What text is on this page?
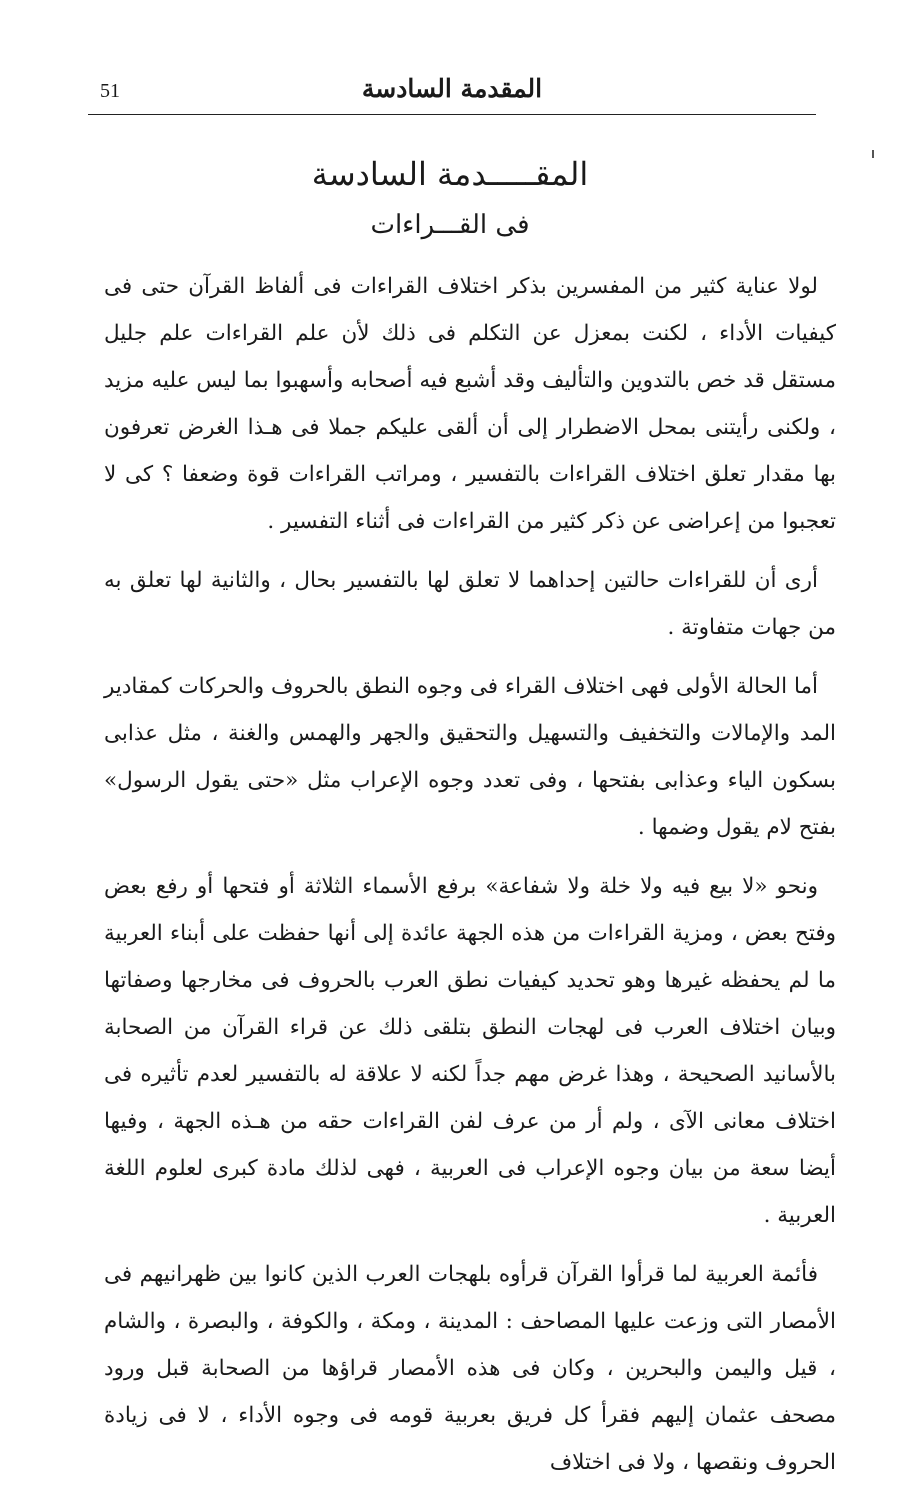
51	المقدمة السادسة
المقـــــدمة السادسة
فى القـــراءات

لولا عناية كثير من المفسرين بذكر اختلاف القراءات فى ألفاظ القرآن حتى فى كيفيات الأداء ، لكنت بمعزل عن التكلم فى ذلك لأن علم القراءات علم جليل مستقل قد خص بالتدوين والتأليف وقد أشبع فيه أصحابه وأسهبوا بما ليس عليه مزيد ، ولكنى رأيتنى بمحل الاضطرار إلى أن ألقى عليكم جملا فى هـذا الغرض تعرفون بها مقدار تعلق اختلاف القراءات بالتفسير ، ومراتب القراءات قوة وضعفا ؟ كى لا تعجبوا من إعراضى عن ذكر كثير من القراءات فى أثناء التفسير .

أرى أن للقراءات حالتين إحداهما لا تعلق لها بالتفسير بحال ، والثانية لها تعلق به من جهات متفاوتة .

أما الحالة الأولى فهى اختلاف القراء فى وجوه النطق بالحروف والحركات كمقادير المد والإمالات والتخفيف والتسهيل والتحقيق والجهر والهمس والغنة ، مثل عذابى بسكون الياء وعذابى بفتحها ، وفى تعدد وجوه الإعراب مثل «حتى يقول الرسول» بفتح لام يقول وضمها .

ونحو «لا بيع فيه ولا خلة ولا شفاعة» برفع الأسماء الثلاثة أو فتحها أو رفع بعض وفتح بعض ، ومزية القراءات من هذه الجهة عائدة إلى أنها حفظت على أبناء العربية ما لم يحفظه غيرها وهو تحديد كيفيات نطق العرب بالحروف فى مخارجها وصفاتها وبيان اختلاف العرب فى لهجات النطق بتلقى ذلك عن قراء القرآن من الصحابة بالأسانيد الصحيحة ، وهذا غرض مهم جداً لكنه لا علاقة له بالتفسير لعدم تأثيره فى اختلاف معانى الآى ، ولم أر من عرف لفن القراءات حقه من هـذه الجهة ، وفيها أيضا سعة من بيان وجوه الإعراب فى العربية ، فهى لذلك مادة كبرى لعلوم اللغة العربية .

فأئمة العربية لما قرأوا القرآن قرأوه بلهجات العرب الذين كانوا بين ظهرانيهم فى الأمصار التى وزعت عليها المصاحف : المدينة ، ومكة ، والكوفة ، والبصرة ، والشام ، قيل واليمن والبحرين ، وكان فى هذه الأمصار قراؤها من الصحابة قبل ورود مصحف عثمان إليهم فقرأ كل فريق بعربية قومه فى وجوه الأداء ، لا فى زيادة الحروف ونقصها ، ولا فى اختلاف
